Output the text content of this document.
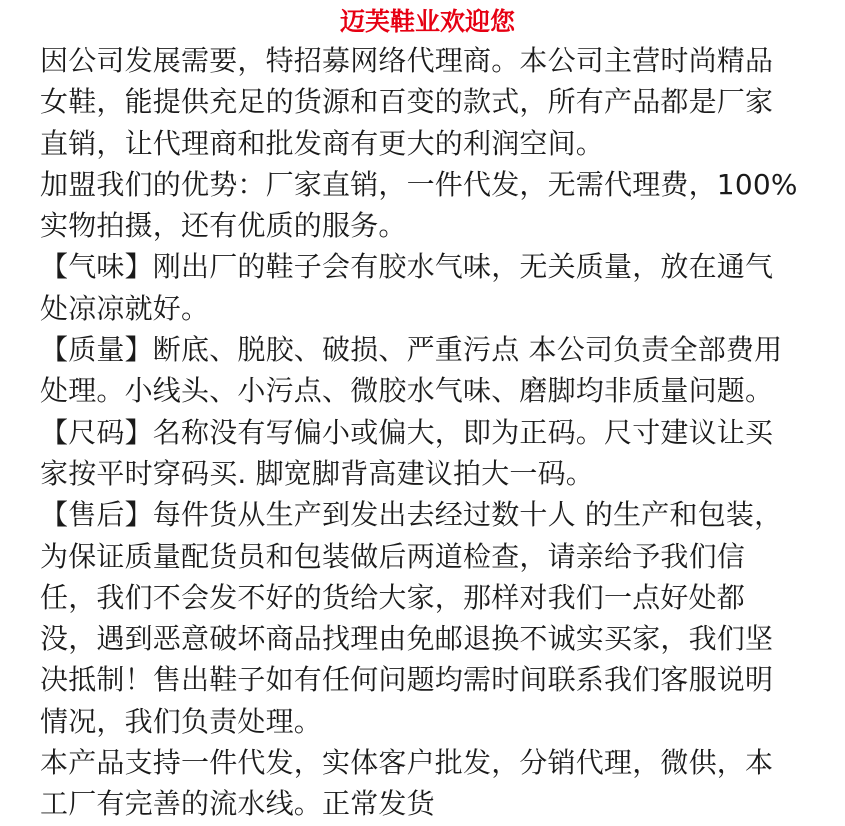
迈芙鞋业欢迎您

因公司发展需要，特招募网络代理商。本公司主营时尚精品
女鞋，能提供充足的货源和百变的款式，所有产品都是厂家
直销，让代理商和批发商有更大的利润空间。

加盟我们的优势：厂家直销，一件代发，无需代理费，100%
实物拍摄，还有优质的服务。

【气味】刚出厂的鞋子会有胶水气味，无关质量，放在通气
处凉凉就好。

【质量】断底、脱胶、破损、严重污点 本公司负责全部费用
处理。小线头、小污点、微胶水气味、磨脚均非质量问题。

【尺码】名称没有写偏小或偏大，即为正码。尺寸建议让买
家按平时穿码买. 脚宽脚背高建议拍大一码。

【售后】每件货从生产到发出去经过数十人 的生产和包装，
为保证质量配货员和包装做后两道检查，请亲给予我们信
任，我们不会发不好的货给大家，那样对我们一点好处都
没，遇到恶意破坏商品找理由免邮退换不诚实买家，我们坚
决抵制！售出鞋子如有任何问题均需时间联系我们客服说明
情况，我们负责处理。

本产品支持一件代发，实体客户批发，分销代理，微供，本
工厂有完善的流水线。正常发货
